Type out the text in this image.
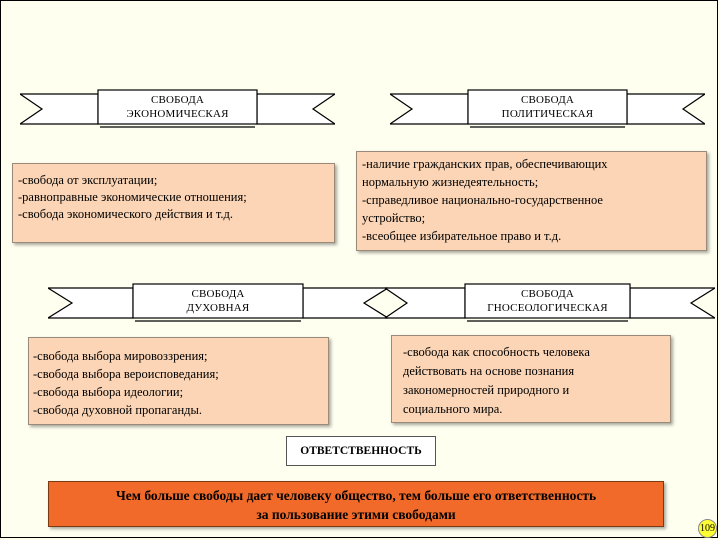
СВОБОДА
ЭКОНОМИЧЕСКАЯ
СВОБОДА
ПОЛИТИЧЕСКАЯ
-свобода от эксплуатации;
-равноправные экономические отношения;
-свобода экономического действия и т.д.
-наличие гражданских прав, обеспечивающих
нормальную жизнедеятельность;
-справедливое национально-государственное
устройство;
-всеобщее избирательное право и т.д.
СВОБОДА
ДУХОВНАЯ
СВОБОДА
ГНОСЕОЛОГИЧЕСКАЯ
-свобода выбора мировоззрения;
-свобода выбора вероисповедания;
-свобода выбора идеологии;
-свобода духовной пропаганды.
-свобода как способность человека
действовать на основе познания
закономерностей природного и
социального мира.
ОТВЕТСТВЕННОСТЬ
Чем больше свободы дает человеку общество, тем больше его ответственность
за пользование этими свободами
109
